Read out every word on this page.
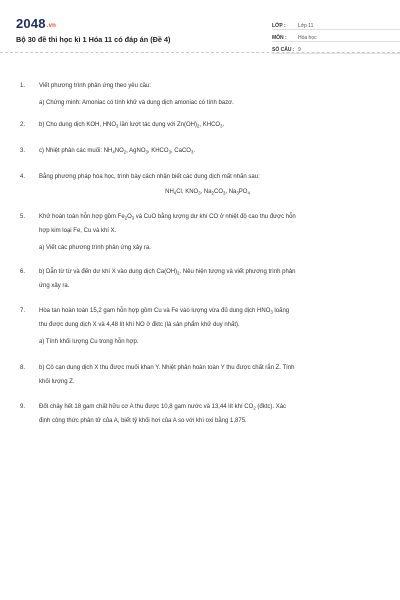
2048.vn
Bộ 30 đề thi học kì 1 Hóa 11 có đáp án (Đề 4)
LỚP :	Lớp 11
MÔN :	Hóa học
SỐ CÂU : 9
1. Viết phương trình phản ứng theo yêu cầu:
a) Chứng minh: Amoniac có tính khử và dung dịch amoniac có tính bazơ.
2. b) Cho dung dịch KOH, $HNO_3$ lần lượt tác dụng với $Zn(OH)_2$, $KHCO_3$.
3. c) Nhiệt phân các muối: $NH_4NO_2$, AgNO$_3$, $KHCO_3$, CaCO$_3$.
4. Bằng phương pháp hóa học, trình bày cách nhận biết các dung dịch mất nhãn sau:
$NH_4Cl$, $KNO_3$, $Na_2CO_3$, $Na_3PO_4$
5. Khử hoàn toàn hỗn hợp gồm $Fe_2O_3$ và CuO bằng lượng dư khí CO ở nhiệt độ cao thu được hỗn
hợp kim loại Fe, Cu và khí X.
a) Viết các phương trình phản ứng xảy ra.
6. b) Dẫn từ từ và đến dư khí X vào dung dịch $Ca(OH)_2$. Nêu hiện tượng và viết phương trình phản
ứng xảy ra.
7. Hòa tan hoàn toàn 15,2 gam hỗn hợp gồm Cu và Fe vào lượng vừa đủ dung dịch $HNO_3$ loãng
thu được dung dịch X và 4,48 lít khí NO ở đktc (là sản phẩm khử duy nhất).
a) Tính khối lượng Cu trong hỗn hợp.
8. b) Cô cạn dung dịch X thu được muối khan Y. Nhiệt phân hoàn toàn Y thu được chất rắn Z. Tính
khối lượng Z.
9. Đốt cháy hết 18 gam chất hữu cơ A thu được 10,8 gam nước và 13,44 lít khí $CO_2$ (đktc). Xác
định công thức phân tử của A, biết tỷ khối hơi của A so với khí oxi bằng 1,875.
